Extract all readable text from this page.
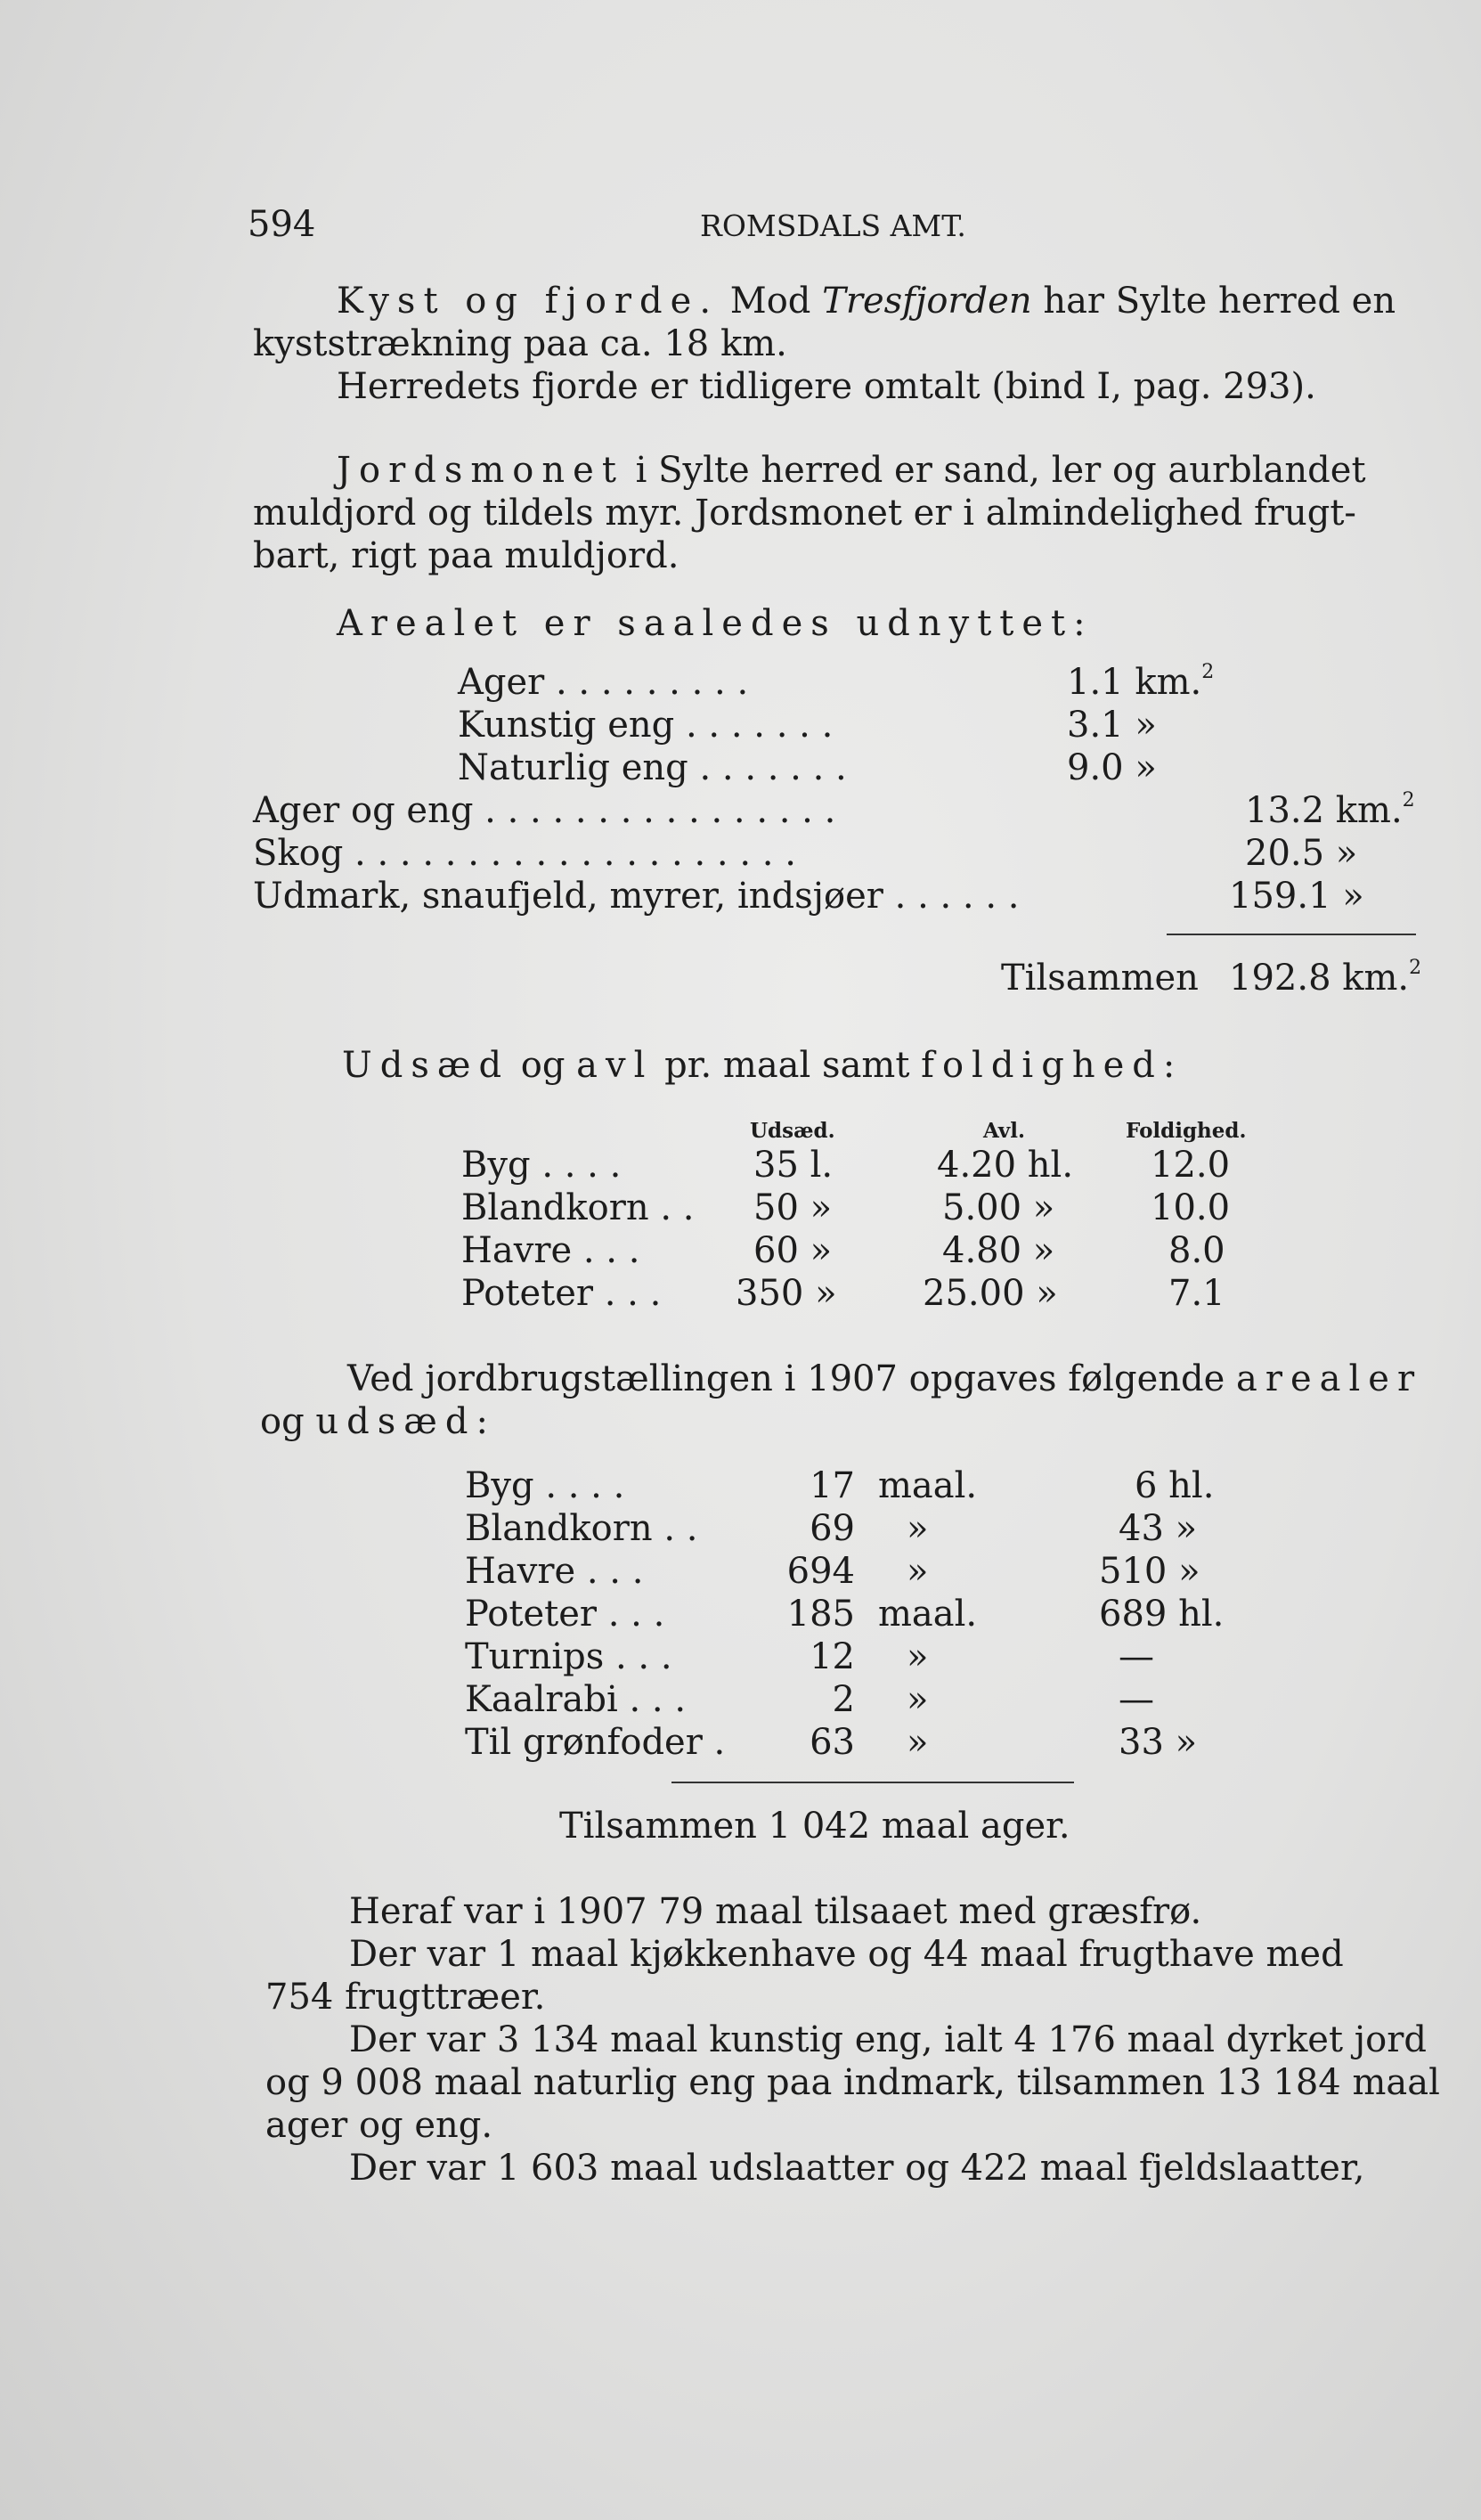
594	ROMSDALS AMT.
Kyst og fjorde. Mod Tresfjorden har Sylte herred en
kyststrækning paa ca. 18 km.
Herredets fjorde er tidligere omtalt (bind I, pag. 293).
Jordsmonet i Sylte herred er sand, ler og aurblandet
muldjord og tildels myr. Jordsmonet er i almindelighed frugt-
bart, rigt paa muldjord.
Arealet er saaledes udnyttet:
Ager . . . . . . . . .	1.1 km.$^2$
Kunstig eng . . . . . . .	3.1 »
Naturlig eng . . . . . . .	9.0 »
Ager og eng . . . . . . . . . . . . . . . .	13.2 km.$^2$
Skog . . . . . . . . . . . . . . . . . . . .	20.5 »
Udmark, snaufjeld, myrer, indsjøer . . . . . .	159.1 »
Tilsammen 192.8 km.$^2$
Udsæd og avl pr. maal samt foldighed:
Udsæd.	Avl.	Foldighed.
Byg . . . .	35 l.	4.20 hl. 12.0
Blandkorn . . 50 »	5.00 »	10.0
Havre . . .	60 »	4.80 »	8.0
Poteter . . . 350 » 25.00 »	7.1
Ved jordbrugstællingen i 1907 opgaves følgende arealer
og udsæd:
Byg . . . .	17 maal.	6 hl.
Blandkorn . .	69 »	43 »
Havre . . .	694 »	510 »
Poteter . . .	185 maal.	689 hl.
Turnips . . .	12 »	—
Kaalrabi . . .	2 »	—
Til grønfoder .	63 »	33 »
Tilsammen 1 042 maal ager.
Heraf var i 1907 79 maal tilsaaet med græsfrø.
Der var 1 maal kjøkkenhave og 44 maal frugthave med
754 frugttræer.
Der var 3 134 maal kunstig eng, ialt 4 176 maal dyrket jord
og 9 008 maal naturlig eng paa indmark, tilsammen 13 184 maal
ager og eng.
Der var 1 603 maal udslaatter og 422 maal fjeldslaatter,
